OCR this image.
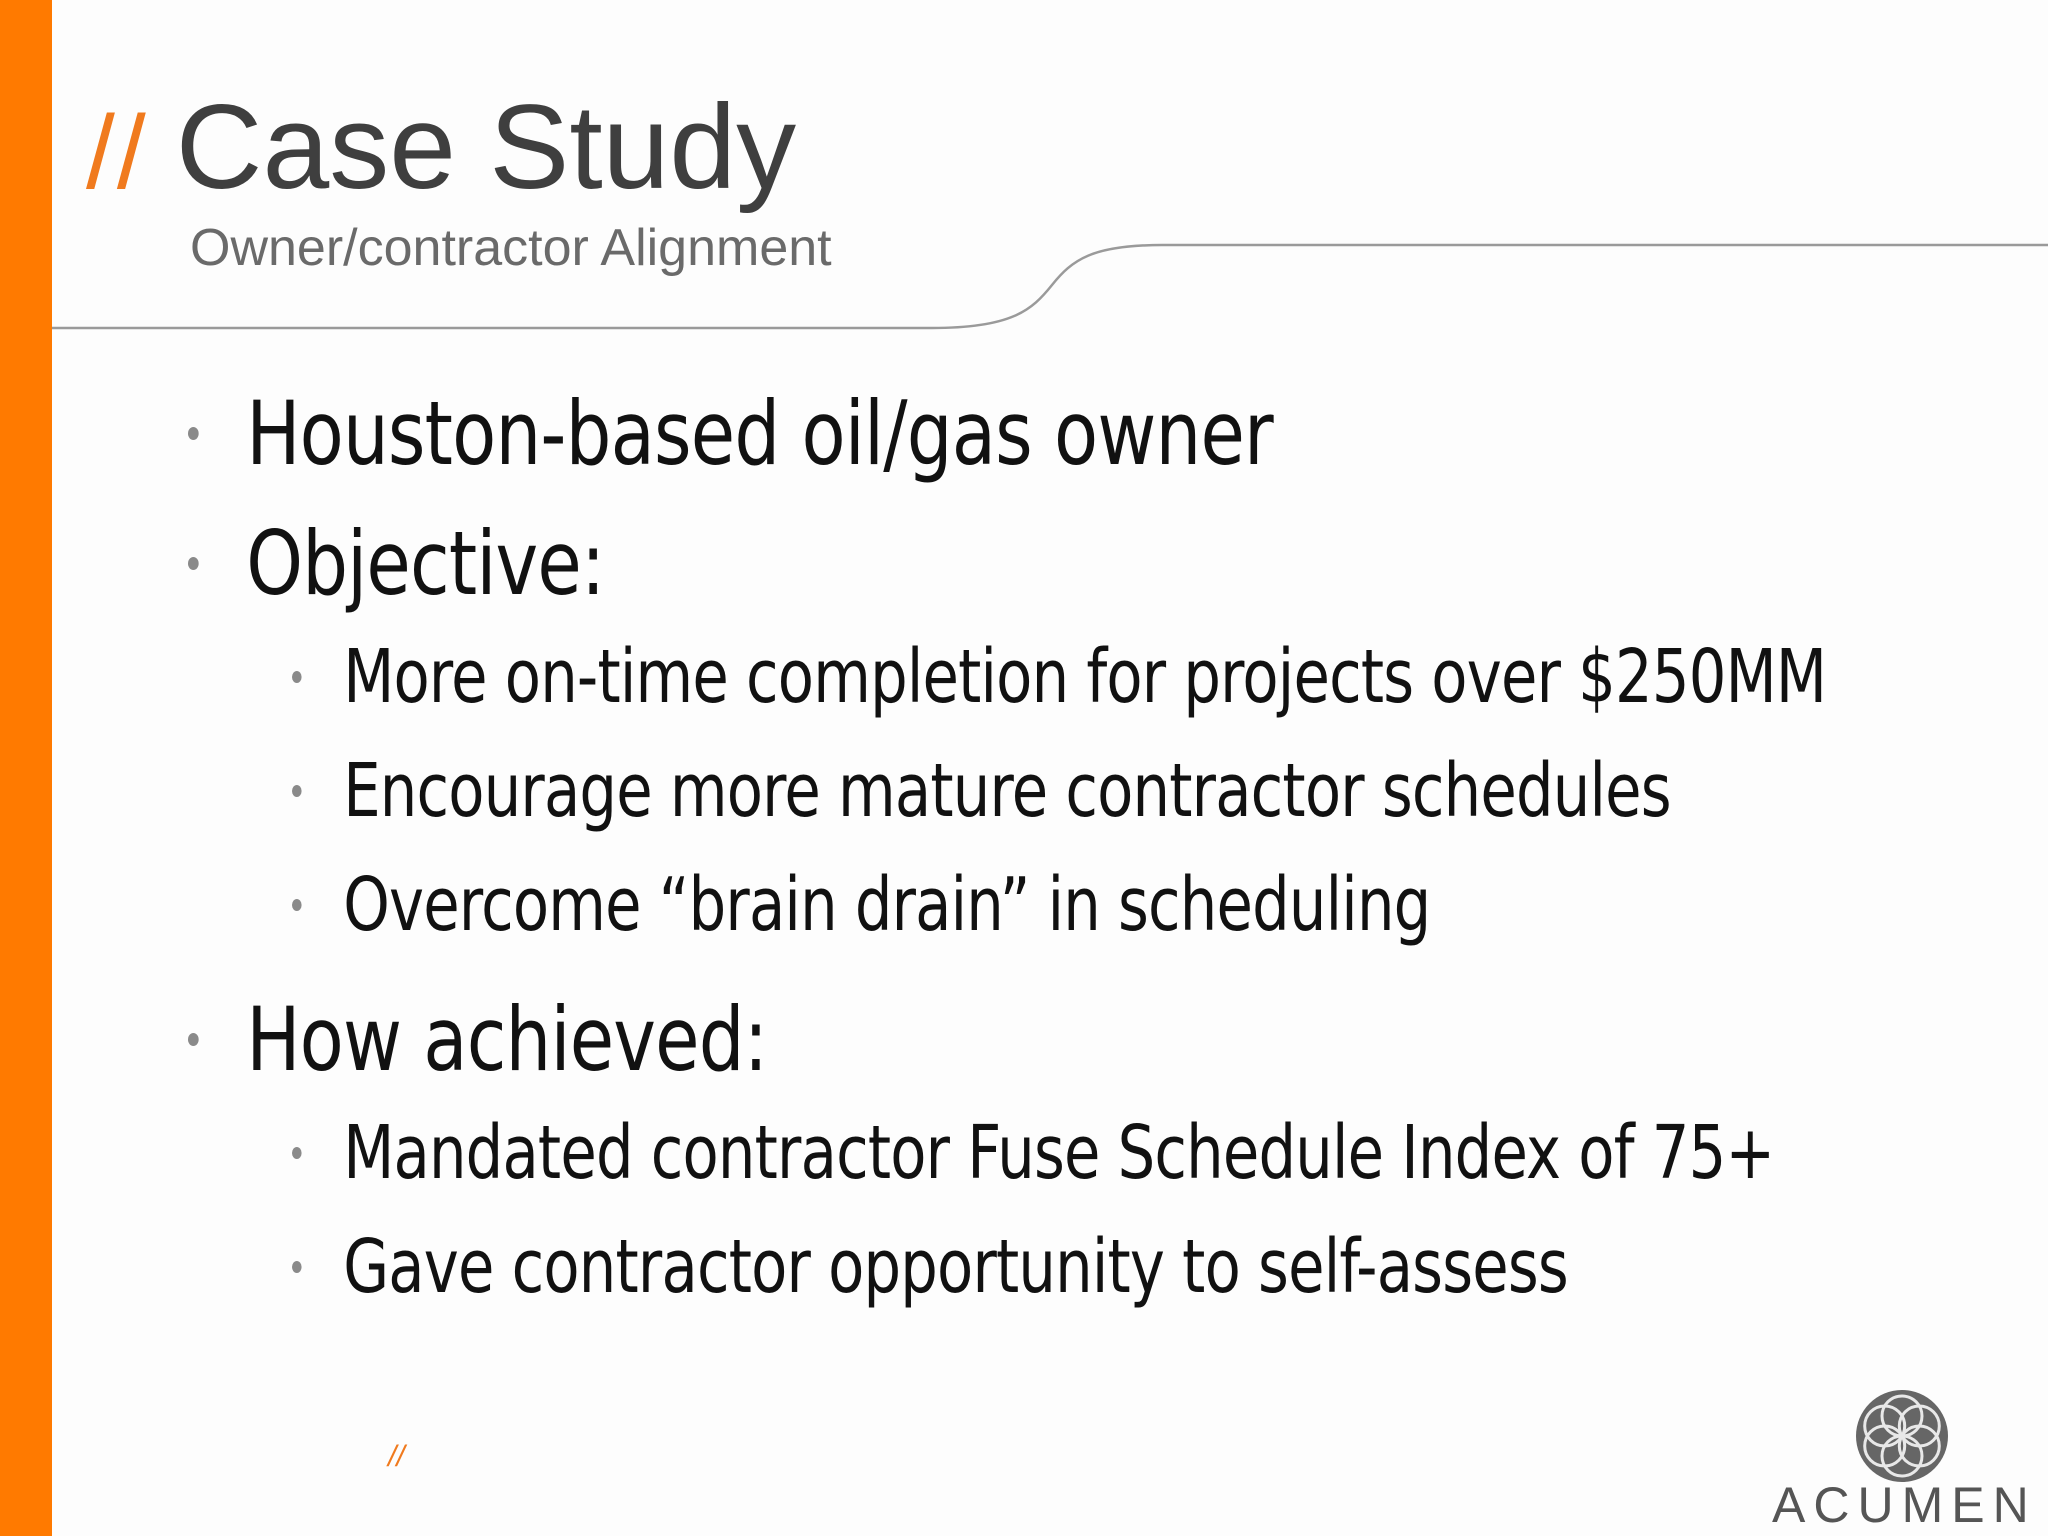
// Case Study
Owner/contractor Alignment
Houston-based oil/gas owner
Objective:
More on-time completion for projects over $250MM
Encourage more mature contractor schedules
Overcome “brain drain” in scheduling
How achieved:
Mandated contractor Fuse Schedule Index of 75+
Gave contractor opportunity to self-assess
//
ACUMEN
